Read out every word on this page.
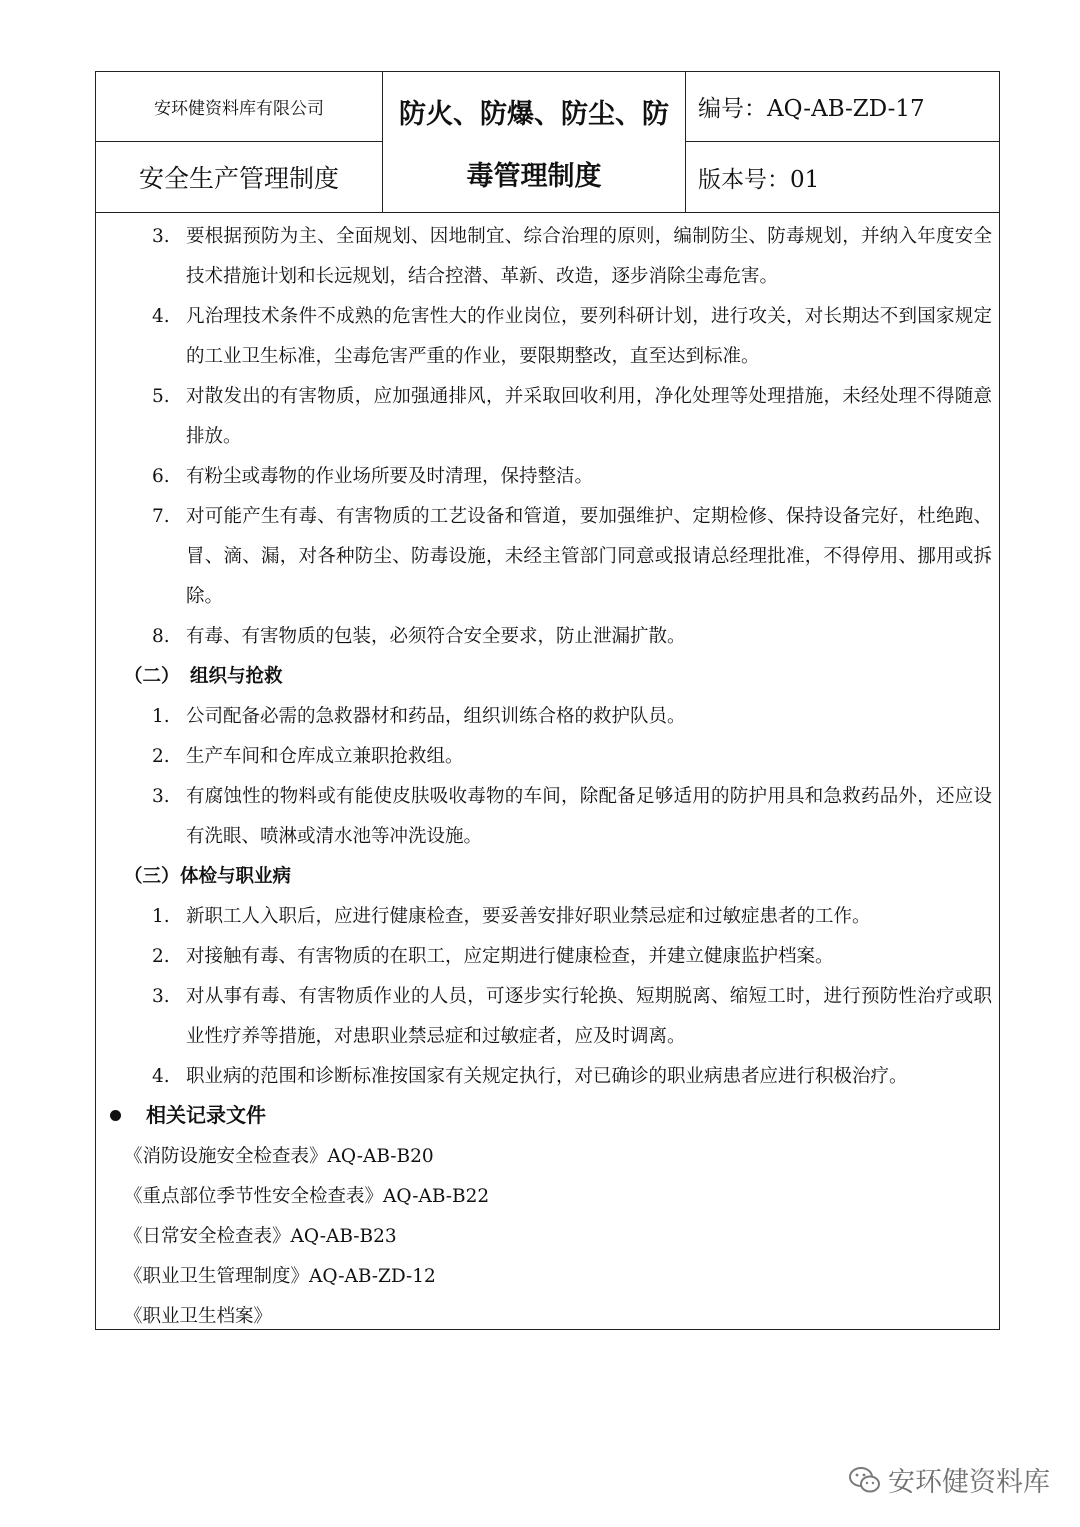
安环健资料库有限公司
安全生产管理制度
防火、防爆、防尘、防毒管理制度
编号：AQ-AB-ZD-17
版本号：01
3. 要根据预防为主、全面规划、因地制宜、综合治理的原则，编制防尘、防毒规划，并纳入年度安全技术措施计划和长远规划，结合控潜、革新、改造，逐步消除尘毒危害。
4. 凡治理技术条件不成熟的危害性大的作业岗位，要列科研计划，进行攻关，对长期达不到国家规定的工业卫生标准，尘毒危害严重的作业，要限期整改，直至达到标准。
5. 对散发出的有害物质，应加强通排风，并采取回收利用，净化处理等处理措施，未经处理不得随意排放。
6. 有粉尘或毒物的作业场所要及时清理，保持整洁。
7. 对可能产生有毒、有害物质的工艺设备和管道，要加强维护、定期检修、保持设备完好，杜绝跑、冒、滴、漏，对各种防尘、防毒设施，未经主管部门同意或报请总经理批准，不得停用、挪用或拆除。
8. 有毒、有害物质的包装，必须符合安全要求，防止泄漏扩散。
（二） 组织与抢救
1. 公司配备必需的急救器材和药品，组织训练合格的救护队员。
2. 生产车间和仓库成立兼职抢救组。
3. 有腐蚀性的物料或有能使皮肤吸收毒物的车间，除配备足够适用的防护用具和急救药品外，还应设有洗眼、喷淋或清水池等冲洗设施。
（三） 体检与职业病
1. 新职工人入职后，应进行健康检查，要妥善安排好职业禁忌症和过敏症患者的工作。
2. 对接触有毒、有害物质的在职工，应定期进行健康检查，并建立健康监护档案。
3. 对从事有毒、有害物质作业的人员，可逐步实行轮换、短期脱离、缩短工时，进行预防性治疗或职业性疗养等措施，对患职业禁忌症和过敏症者，应及时调离。
4. 职业病的范围和诊断标准按国家有关规定执行，对已确诊的职业病患者应进行积极治疗。
相关记录文件
《消防设施安全检查表》AQ-AB-B20
《重点部位季节性安全检查表》AQ-AB-B22
《日常安全检查表》AQ-AB-B23
《职业卫生管理制度》AQ-AB-ZD-12
《职业卫生档案》
安环健资料库
